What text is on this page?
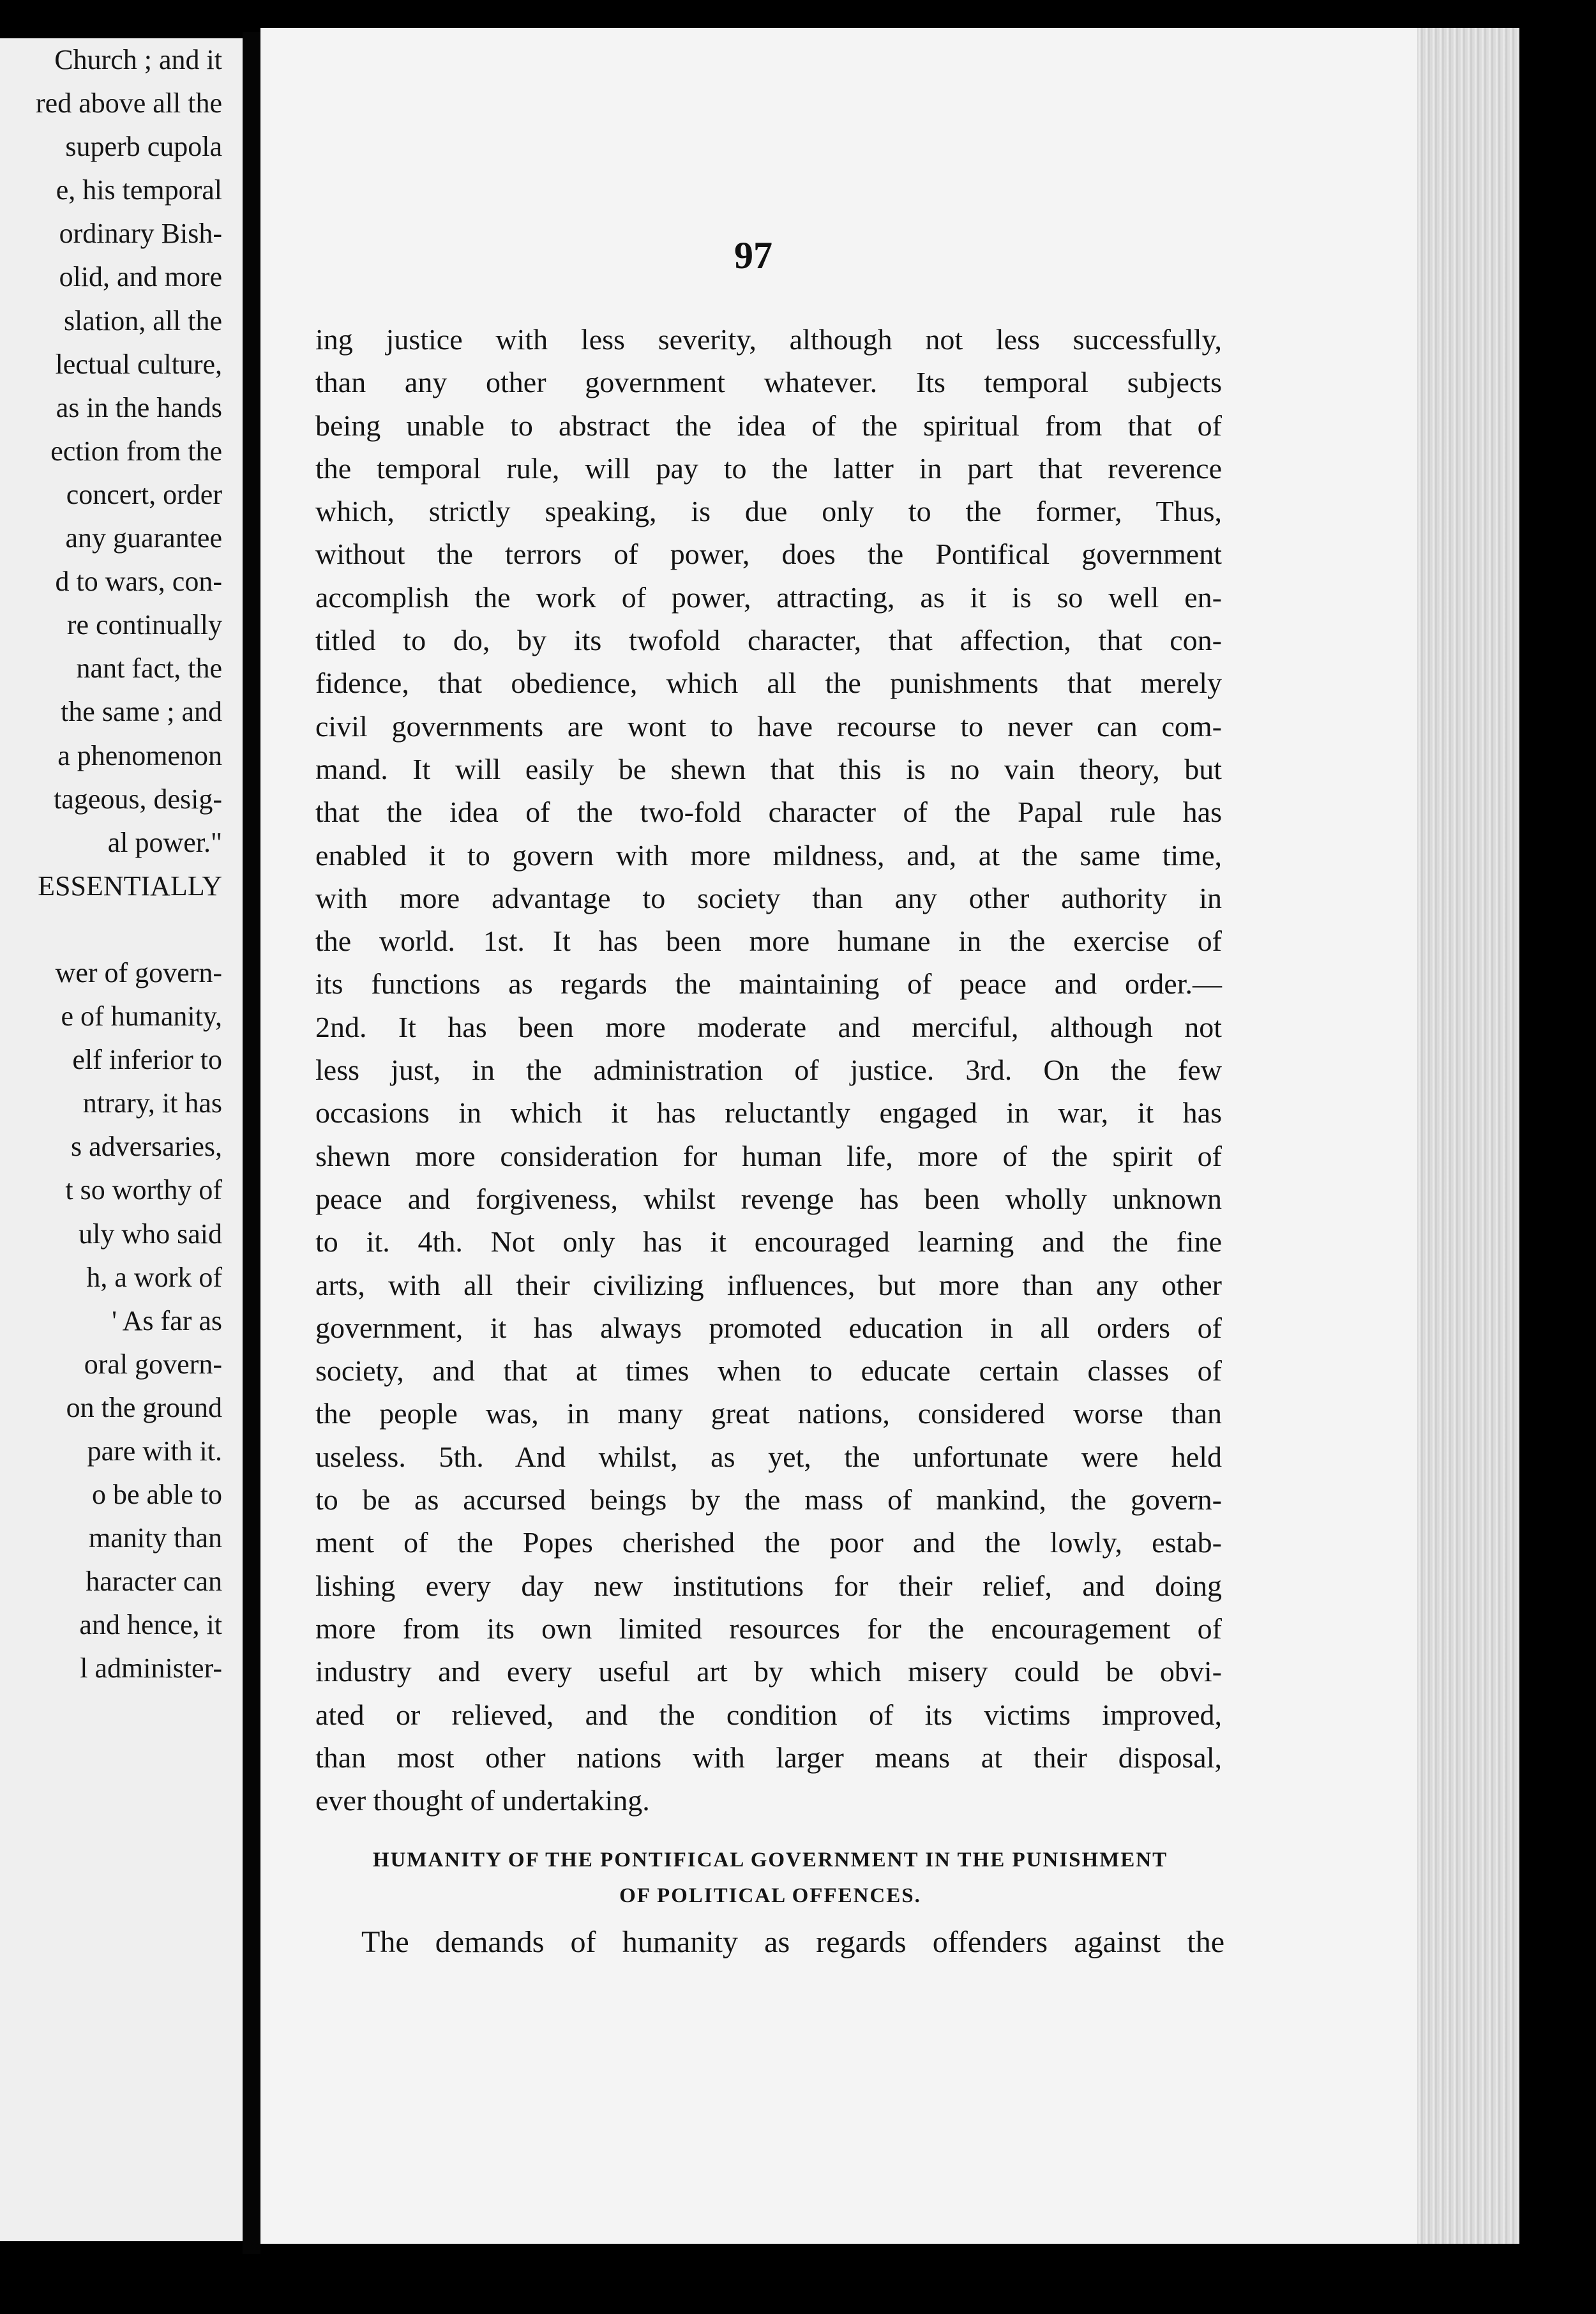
Church ; and it
red above all the
superb cupola
e, his temporal
ordinary Bish-
olid, and more
slation, all the
lectual culture,
as in the hands
ection from the
concert, order
any guarantee
d to wars, con-
re continually
nant fact, the
the same ; and
a phenomenon
tageous, desig-
al power."
ESSENTIALLY
wer of govern-
e of humanity,
elf inferior to
ntrary, it has
s adversaries,
t so worthy of
uly who said
h, a work of
' As far as
oral govern-
on the ground
pare with it.
o be able to
manity than
haracter can
and hence, it
l administer-
97
ing justice with less severity, although not less successfully,
than any other government whatever. Its temporal subjects
being unable to abstract the idea of the spiritual from that of
the temporal rule, will pay to the latter in part that reverence
which, strictly speaking, is due only to the former, Thus,
without the terrors of power, does the Pontifical government
accomplish the work of power, attracting, as it is so well en-
titled to do, by its twofold character, that affection, that con-
fidence, that obedience, which all the punishments that merely
civil governments are wont to have recourse to never can com-
mand. It will easily be shewn that this is no vain theory, but
that the idea of the two-fold character of the Papal rule has
enabled it to govern with more mildness, and, at the same time,
with more advantage to society than any other authority in
the world. 1st. It has been more humane in the exercise of
its functions as regards the maintaining of peace and order.—
2nd. It has been more moderate and merciful, although not
less just, in the administration of justice. 3rd. On the few
occasions in which it has reluctantly engaged in war, it has
shewn more consideration for human life, more of the spirit of
peace and forgiveness, whilst revenge has been wholly unknown
to it. 4th. Not only has it encouraged learning and the fine
arts, with all their civilizing influences, but more than any other
government, it has always promoted education in all orders of
society, and that at times when to educate certain classes of
the people was, in many great nations, considered worse than
useless. 5th. And whilst, as yet, the unfortunate were held
to be as accursed beings by the mass of mankind, the govern-
ment of the Popes cherished the poor and the lowly, estab-
lishing every day new institutions for their relief, and doing
more from its own limited resources for the encouragement of
industry and every useful art by which misery could be obvi-
ated or relieved, and the condition of its victims improved,
than most other nations with larger means at their disposal,
ever thought of undertaking.
HUMANITY OF THE PONTIFICAL GOVERNMENT IN THE PUNISHMENT
OF POLITICAL OFFENCES.
The demands of humanity as regards offenders against the
